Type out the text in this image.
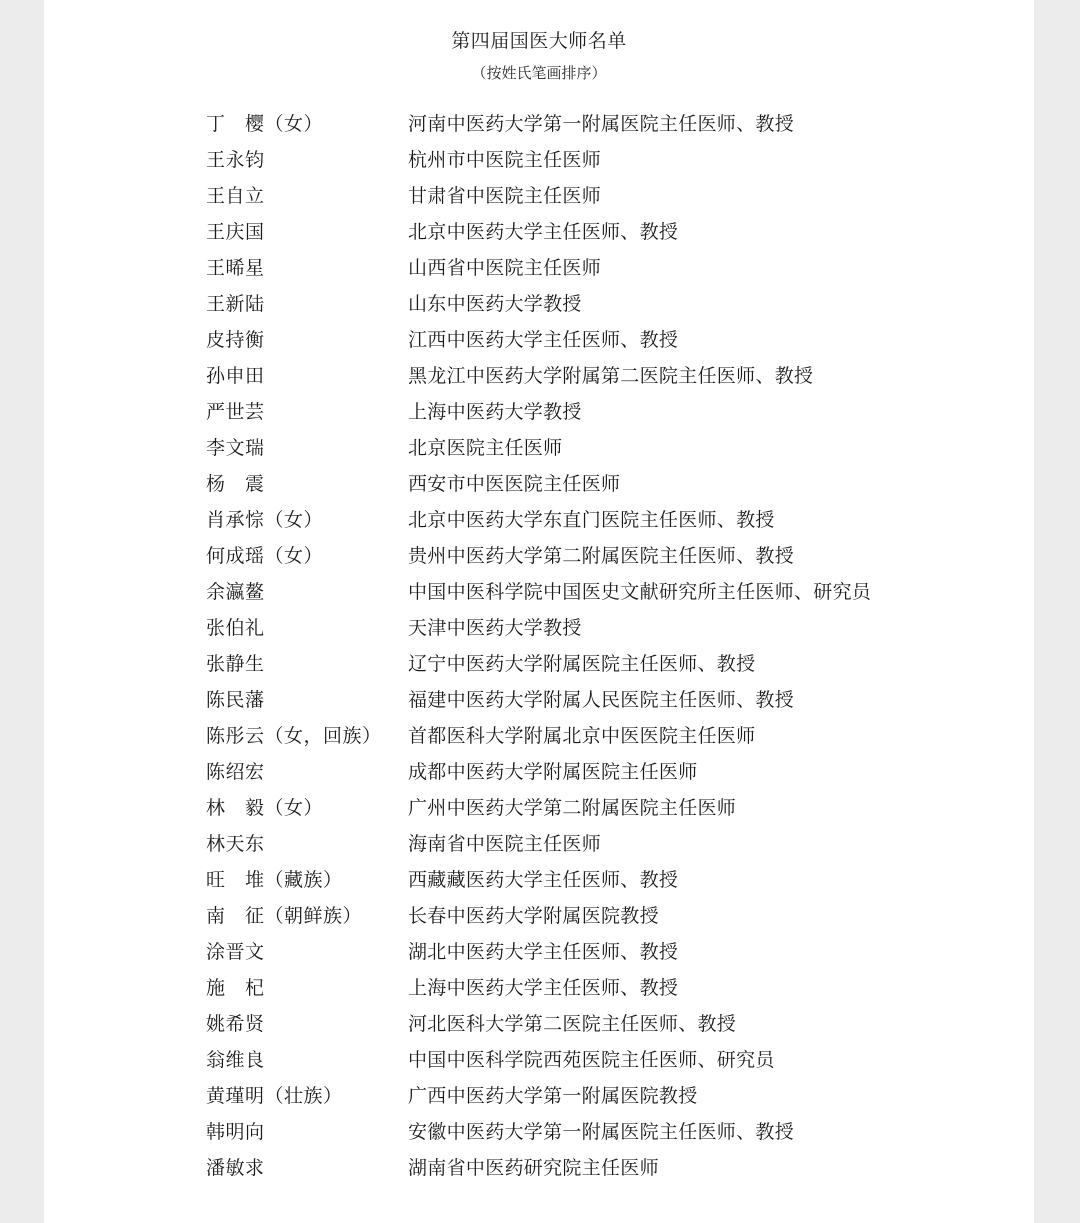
第四届国医大师名单
（按姓氏笔画排序）
丁　樱（女）	河南中医药大学第一附属医院主任医师、教授
王永钧	杭州市中医院主任医师
王自立	甘肃省中医院主任医师
王庆国	北京中医药大学主任医师、教授
王晞星	山西省中医院主任医师
王新陆	山东中医药大学教授
皮持衡	江西中医药大学主任医师、教授
孙申田	黑龙江中医药大学附属第二医院主任医师、教授
严世芸	上海中医药大学教授
李文瑞	北京医院主任医师
杨　震	西安市中医医院主任医师
肖承悰（女）	北京中医药大学东直门医院主任医师、教授
何成瑶（女）	贵州中医药大学第二附属医院主任医师、教授
余瀛鳌	中国中医科学院中国医史文献研究所主任医师、研究员
张伯礼	天津中医药大学教授
张静生	辽宁中医药大学附属医院主任医师、教授
陈民藩	福建中医药大学附属人民医院主任医师、教授
陈彤云（女，回族） 首都医科大学附属北京中医医院主任医师
陈绍宏	成都中医药大学附属医院主任医师
林　毅（女）	广州中医药大学第二附属医院主任医师
林天东	海南省中医院主任医师
旺　堆（藏族）	西藏藏医药大学主任医师、教授
南　征（朝鲜族） 长春中医药大学附属医院教授
涂晋文	湖北中医药大学主任医师、教授
施　杞	上海中医药大学主任医师、教授
姚希贤	河北医科大学第二医院主任医师、教授
翁维良	中国中医科学院西苑医院主任医师、研究员
黄瑾明（壮族）	广西中医药大学第一附属医院教授
韩明向	安徽中医药大学第一附属医院主任医师、教授
潘敏求	湖南省中医药研究院主任医师
